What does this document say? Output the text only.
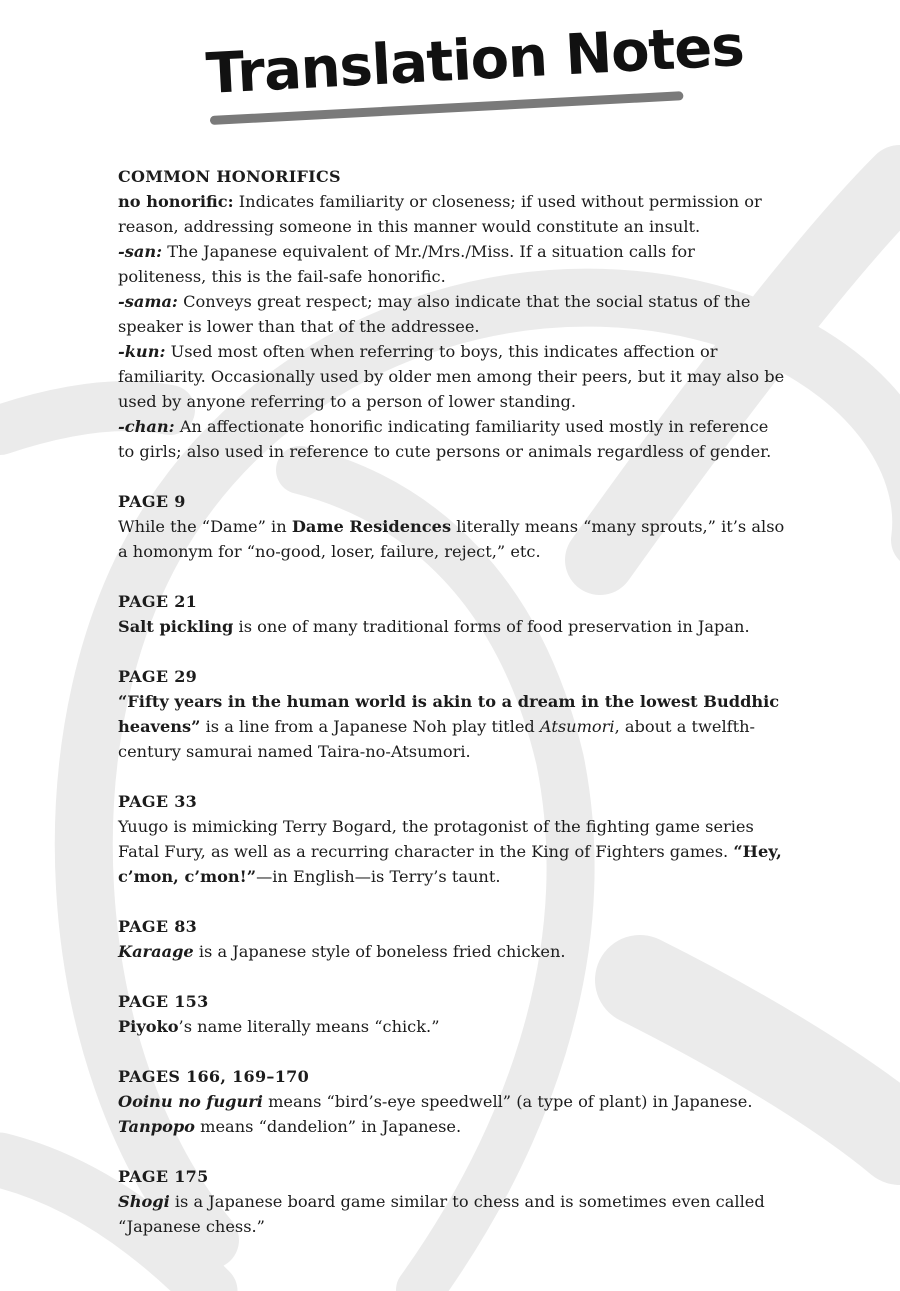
Translation Notes
COMMON HONORIFICS

no honorific: Indicates familiarity or closeness; if used without permission or reason, addressing someone in this manner would constitute an insult.

-san: The Japanese equivalent of Mr./Mrs./Miss. If a situation calls for politeness, this is the fail-safe honorific.

-sama: Conveys great respect; may also indicate that the social status of the speaker is lower than that of the addressee.

-kun: Used most often when referring to boys, this indicates affection or familiarity. Occasionally used by older men among their peers, but it may also be used by anyone referring to a person of lower standing.

-chan: An affectionate honorific indicating familiarity used mostly in reference to girls; also used in reference to cute persons or animals regardless of gender.

PAGE 9

While the “Dame” in Dame Residences literally means “many sprouts,” it’s also a homonym for “no-good, loser, failure, reject,” etc.

PAGE 21

Salt pickling is one of many traditional forms of food preservation in Japan.

PAGE 29

“Fifty years in the human world is akin to a dream in the lowest Buddhic heavens” is a line from a Japanese Noh play titled Atsumori, about a twelfth-century samurai named Taira-no-Atsumori.

PAGE 33

Yuugo is mimicking Terry Bogard, the protagonist of the fighting game series Fatal Fury, as well as a recurring character in the King of Fighters games. “Hey, c’mon, c’mon!”—in English—is Terry’s taunt.

PAGE 83

Karaage is a Japanese style of boneless fried chicken.

PAGE 153

Piyoko’s name literally means “chick.”

PAGES 166, 169–170

Ooinu no fuguri means “bird’s-eye speedwell” (a type of plant) in Japanese.

Tanpopo means “dandelion” in Japanese.

PAGE 175

Shogi is a Japanese board game similar to chess and is sometimes even called “Japanese chess.”
